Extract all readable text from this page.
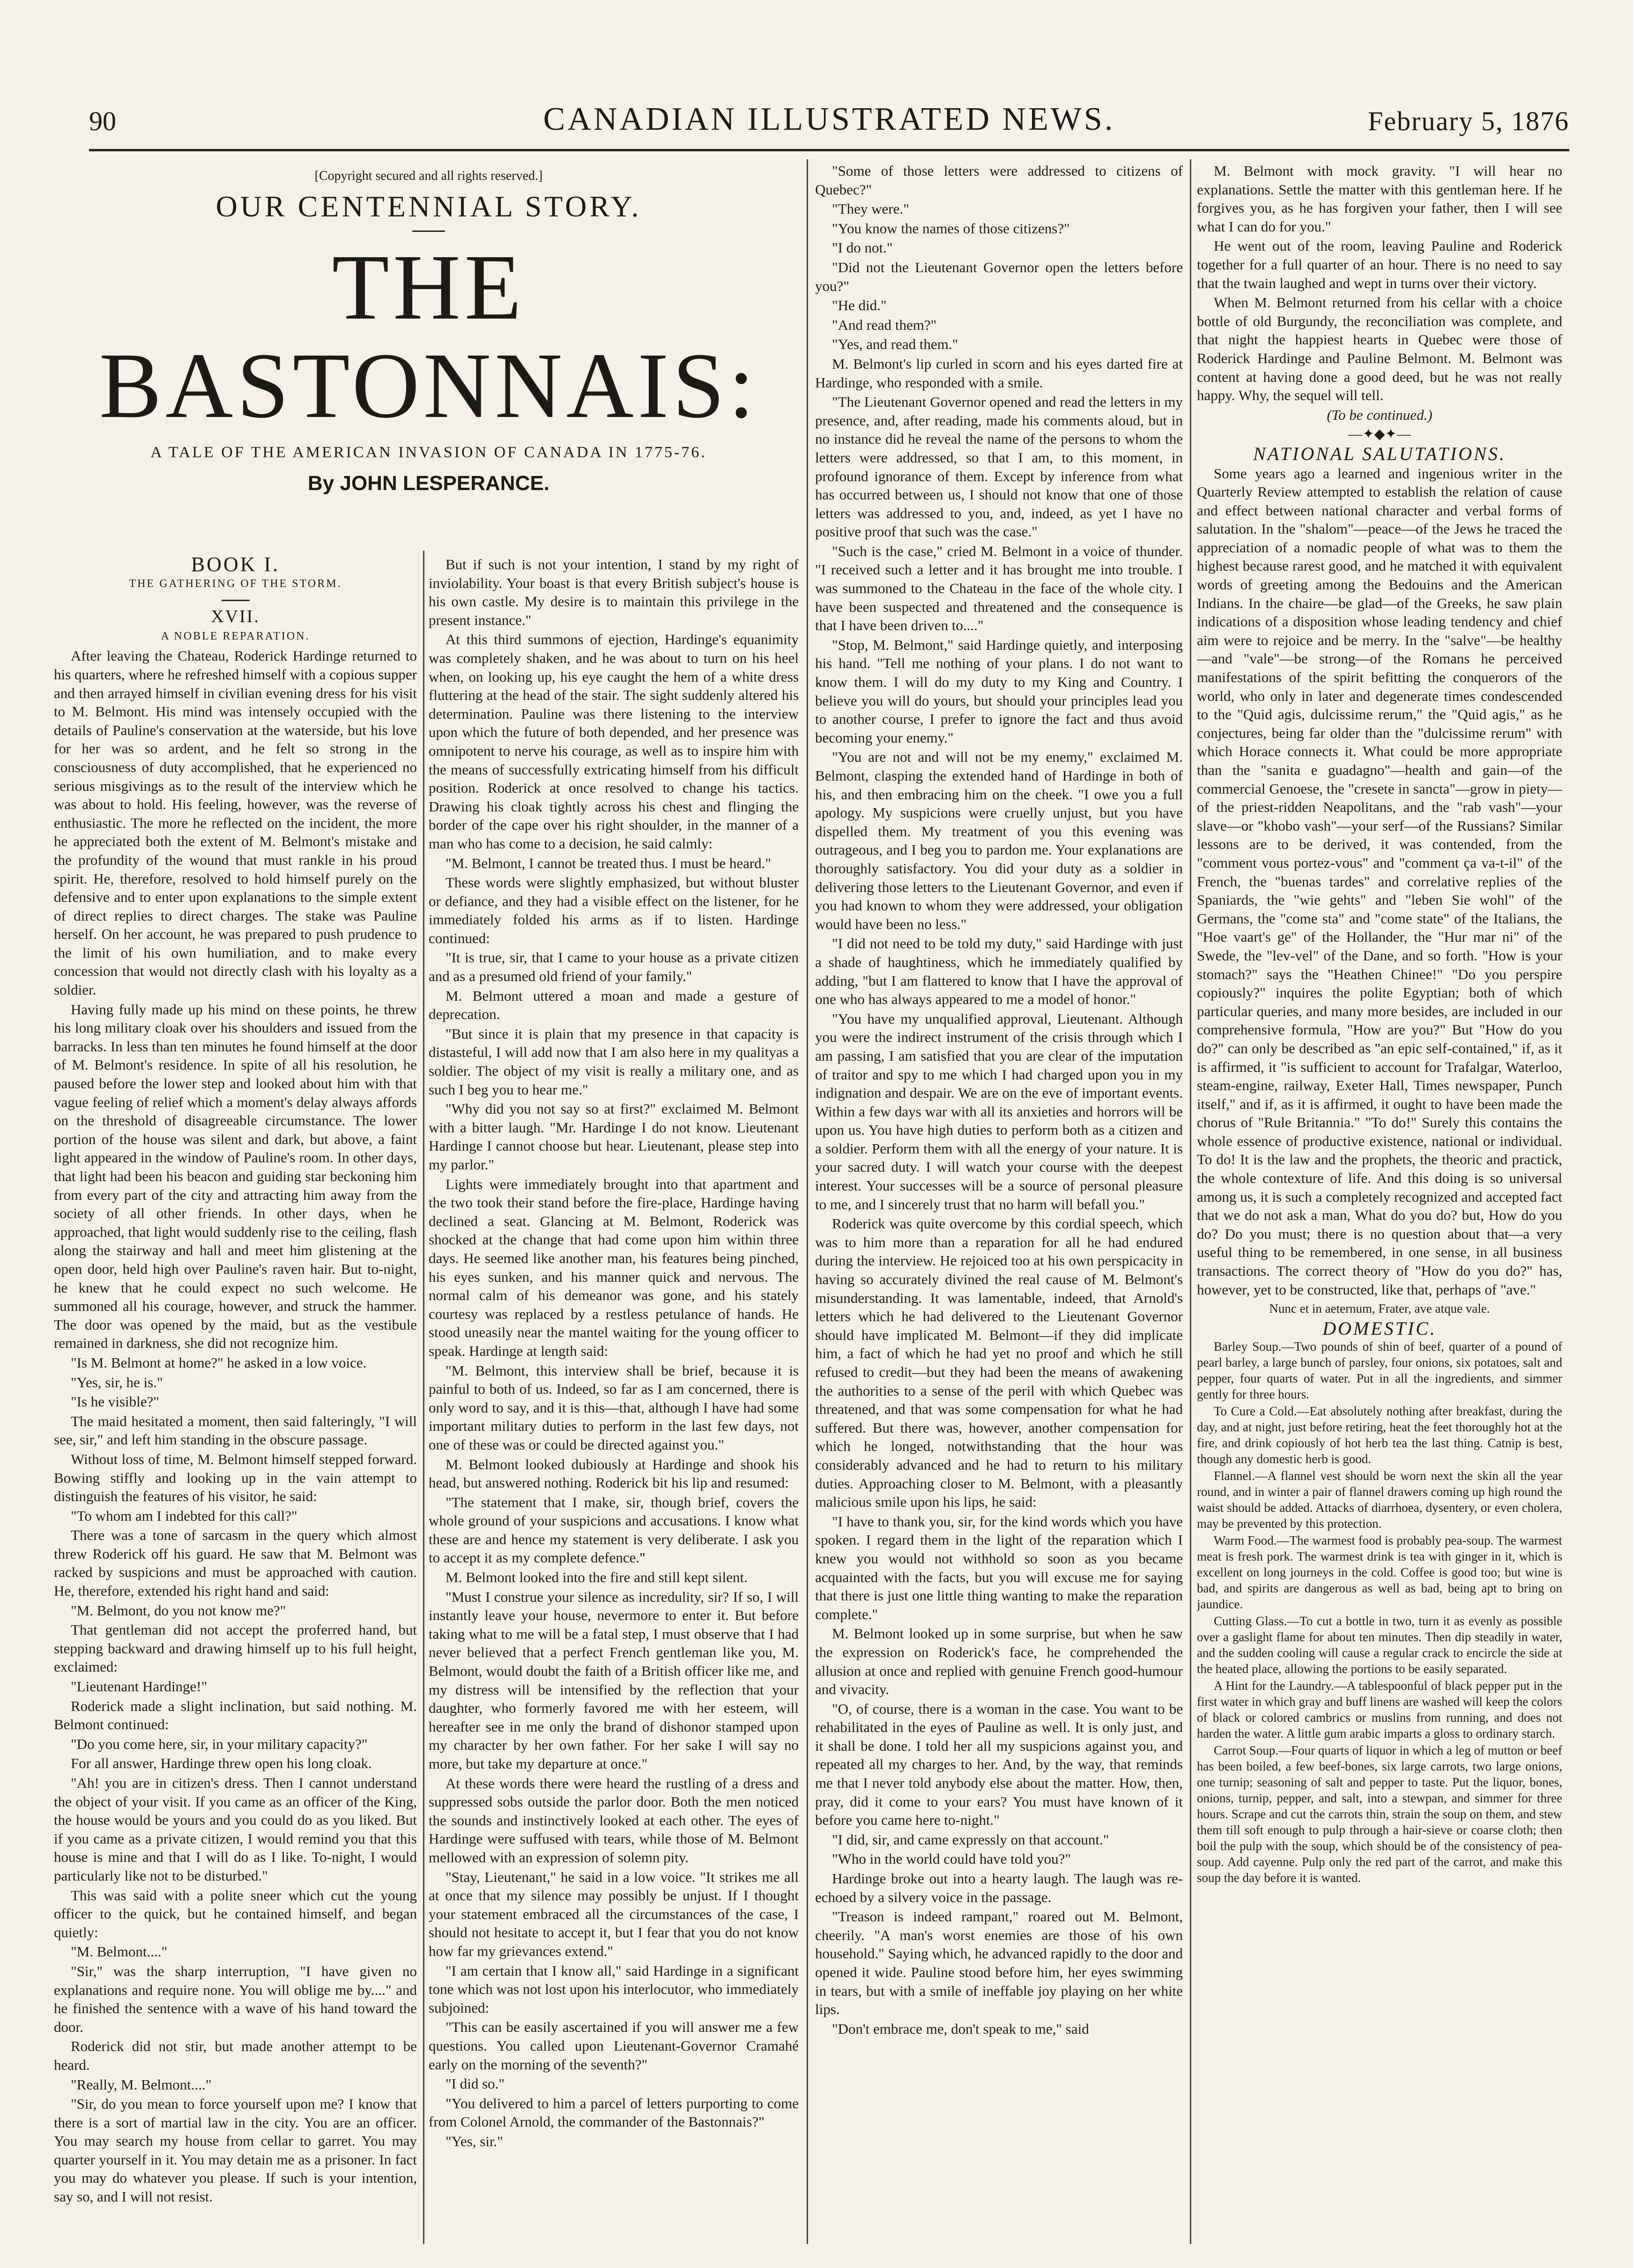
90	CANADIAN ILLUSTRATED NEWS.	February 5, 1876
[Copyright secured and all rights reserved.]
OUR CENTENNIAL STORY.
THE BASTONNAIS:
A TALE OF THE AMERICAN INVASION OF CANADA IN 1775-76.
By JOHN LESPERANCE.

BOOK I.

THE GATHERING OF THE STORM.

XVII.

A NOBLE REPARATION.

After leaving the Chateau, Roderick Hardinge returned to his quarters, where he refreshed himself with a copious supper and then arrayed himself in civilian evening dress for his visit to M. Belmont. His mind was intensely occupied with the details of Pauline's conservation at the waterside, but his love for her was so ardent, and he felt so strong in the consciousness of duty accomplished, that he experienced no serious misgivings as to the result of the interview which he was about to hold. His feeling, however, was the reverse of enthusiastic. The more he reflected on the incident, the more he appreciated both the extent of M. Belmont's mistake and the profundity of the wound that must rankle in his proud spirit. He, therefore, resolved to hold himself purely on the defensive and to enter upon explanations to the simple extent of direct replies to direct charges. The stake was Pauline herself. On her account, he was prepared to push prudence to the limit of his own humiliation, and to make every concession that would not directly clash with his loyalty as a soldier.

Having fully made up his mind on these points, he threw his long military cloak over his shoulders and issued from the barracks. In less than ten minutes he found himself at the door of M. Belmont's residence. In spite of all his resolution, he paused before the lower step and looked about him with that vague feeling of relief which a moment's delay always affords on the threshold of disagreeable circumstance. The lower portion of the house was silent and dark, but above, a faint light appeared in the window of Pauline's room. In other days, that light had been his beacon and guiding star beckoning him from every part of the city and attracting him away from the society of all other friends. In other days, when he approached, that light would suddenly rise to the ceiling, flash along the stairway and hall and meet him glistening at the open door, held high over Pauline's raven hair. But to-night, he knew that he could expect no such welcome. He summoned all his courage, however, and struck the hammer. The door was opened by the maid, but as the vestibule remained in darkness, she did not recognize him.

"Is M. Belmont at home?" he asked in a low voice.

"Yes, sir, he is."

"Is he visible?"

The maid hesitated a moment, then said falteringly, "I will see, sir," and left him standing in the obscure passage.

Without loss of time, M. Belmont himself stepped forward. Bowing stiffly and looking up in the vain attempt to distinguish the features of his visitor, he said:

"To whom am I indebted for this call?"

There was a tone of sarcasm in the query which almost threw Roderick off his guard. He saw that M. Belmont was racked by suspicions and must be approached with caution. He, therefore, extended his right hand and said:

"M. Belmont, do you not know me?"

That gentleman did not accept the proferred hand, but stepping backward and drawing himself up to his full height, exclaimed:

"Lieutenant Hardinge!"

Roderick made a slight inclination, but said nothing. M. Belmont continued:

"Do you come here, sir, in your military capacity?"

For all answer, Hardinge threw open his long cloak.

"Ah! you are in citizen's dress. Then I cannot understand the object of your visit. If you came as an officer of the King, the house would be yours and you could do as you liked. But if you came as a private citizen, I would remind you that this house is mine and that I will do as I like. To-night, I would particularly like not to be disturbed."

This was said with a polite sneer which cut the young officer to the quick, but he contained himself, and began quietly:

"M. Belmont...."

"Sir," was the sharp interruption, "I have given no explanations and require none. You will oblige me by...." and he finished the sentence with a wave of his hand toward the door.

Roderick did not stir, but made another attempt to be heard.

"Really, M. Belmont...."

"Sir, do you mean to force yourself upon me? I know that there is a sort of martial law in the city. You are an officer. You may search my house from cellar to garret. You may quarter yourself in it. You may detain me as a prisoner. In fact you may do whatever you please. If such is your intention, say so, and I will not resist.

But if such is not your intention, I stand by my right of inviolability. Your boast is that every British subject's house is his own castle. My desire is to maintain this privilege in the present instance."

At this third summons of ejection, Hardinge's equanimity was completely shaken, and he was about to turn on his heel when, on looking up, his eye caught the hem of a white dress fluttering at the head of the stair. The sight suddenly altered his determination. Pauline was there listening to the interview upon which the future of both depended, and her presence was omnipotent to nerve his courage, as well as to inspire him with the means of successfully extricating himself from his difficult position. Roderick at once resolved to change his tactics. Drawing his cloak tightly across his chest and flinging the border of the cape over his right shoulder, in the manner of a man who has come to a decision, he said calmly:

"M. Belmont, I cannot be treated thus. I must be heard."

These words were slightly emphasized, but without bluster or defiance, and they had a visible effect on the listener, for he immediately folded his arms as if to listen. Hardinge continued:

"It is true, sir, that I came to your house as a private citizen and as a presumed old friend of your family."

M. Belmont uttered a moan and made a gesture of deprecation.

"But since it is plain that my presence in that capacity is distasteful, I will add now that I am also here in my qualityas a soldier. The object of my visit is really a military one, and as such I beg you to hear me."

"Why did you not say so at first?" exclaimed M. Belmont with a bitter laugh. "Mr. Hardinge I do not know. Lieutenant Hardinge I cannot choose but hear. Lieutenant, please step into my parlor."

Lights were immediately brought into that apartment and the two took their stand before the fire-place, Hardinge having declined a seat. Glancing at M. Belmont, Roderick was shocked at the change that had come upon him within three days. He seemed like another man, his features being pinched, his eyes sunken, and his manner quick and nervous. The normal calm of his demeanor was gone, and his stately courtesy was replaced by a restless petulance of hands. He stood uneasily near the mantel waiting for the young officer to speak. Hardinge at length said:

"M. Belmont, this interview shall be brief, because it is painful to both of us. Indeed, so far as I am concerned, there is only word to say, and it is this—that, although I have had some important military duties to perform in the last few days, not one of these was or could be directed against you."

M. Belmont looked dubiously at Hardinge and shook his head, but answered nothing. Roderick bit his lip and resumed:

"The statement that I make, sir, though brief, covers the whole ground of your suspicions and accusations. I know what these are and hence my statement is very deliberate. I ask you to accept it as my complete defence."

M. Belmont looked into the fire and still kept silent.

"Must I construe your silence as incredulity, sir? If so, I will instantly leave your house, nevermore to enter it. But before taking what to me will be a fatal step, I must observe that I had never believed that a perfect French gentleman like you, M. Belmont, would doubt the faith of a British officer like me, and my distress will be intensified by the reflection that your daughter, who formerly favored me with her esteem, will hereafter see in me only the brand of dishonor stamped upon my character by her own father. For her sake I will say no more, but take my departure at once."

At these words there were heard the rustling of a dress and suppressed sobs outside the parlor door. Both the men noticed the sounds and instinctively looked at each other. The eyes of Hardinge were suffused with tears, while those of M. Belmont mellowed with an expression of solemn pity.

"Stay, Lieutenant," he said in a low voice. "It strikes me all at once that my silence may possibly be unjust. If I thought your statement embraced all the circumstances of the case, I should not hesitate to accept it, but I fear that you do not know how far my grievances extend."

"I am certain that I know all," said Hardinge in a significant tone which was not lost upon his interlocutor, who immediately subjoined:

"This can be easily ascertained if you will answer me a few questions. You called upon Lieutenant-Governor Cramahé early on the morning of the seventh?"

"I did so."

"You delivered to him a parcel of letters purporting to come from Colonel Arnold, the commander of the Bastonnais?"

"Yes, sir."

"Some of those letters were addressed to citizens of Quebec?"

"They were."

"You know the names of those citizens?"

"I do not."

"Did not the Lieutenant Governor open the letters before you?"

"He did."

"And read them?"

"Yes, and read them."

M. Belmont's lip curled in scorn and his eyes darted fire at Hardinge, who responded with a smile.

"The Lieutenant Governor opened and read the letters in my presence, and, after reading, made his comments aloud, but in no instance did he reveal the name of the persons to whom the letters were addressed, so that I am, to this moment, in profound ignorance of them. Except by inference from what has occurred between us, I should not know that one of those letters was addressed to you, and, indeed, as yet I have no positive proof that such was the case."

"Such is the case," cried M. Belmont in a voice of thunder. "I received such a letter and it has brought me into trouble. I was summoned to the Chateau in the face of the whole city. I have been suspected and threatened and the consequence is that I have been driven to...."

"Stop, M. Belmont," said Hardinge quietly, and interposing his hand. "Tell me nothing of your plans. I do not want to know them. I will do my duty to my King and Country. I believe you will do yours, but should your principles lead you to another course, I prefer to ignore the fact and thus avoid becoming your enemy."

"You are not and will not be my enemy," exclaimed M. Belmont, clasping the extended hand of Hardinge in both of his, and then embracing him on the cheek. "I owe you a full apology. My suspicions were cruelly unjust, but you have dispelled them. My treatment of you this evening was outrageous, and I beg you to pardon me. Your explanations are thoroughly satisfactory. You did your duty as a soldier in delivering those letters to the Lieutenant Governor, and even if you had known to whom they were addressed, your obligation would have been no less."

"I did not need to be told my duty," said Hardinge with just a shade of haughtiness, which he immediately qualified by adding, "but I am flattered to know that I have the approval of one who has always appeared to me a model of honor."

"You have my unqualified approval, Lieutenant. Although you were the indirect instrument of the crisis through which I am passing, I am satisfied that you are clear of the imputation of traitor and spy to me which I had charged upon you in my indignation and despair. We are on the eve of important events. Within a few days war with all its anxieties and horrors will be upon us. You have high duties to perform both as a citizen and a soldier. Perform them with all the energy of your nature. It is your sacred duty. I will watch your course with the deepest interest. Your successes will be a source of personal pleasure to me, and I sincerely trust that no harm will befall you."

Roderick was quite overcome by this cordial speech, which was to him more than a reparation for all he had endured during the interview. He rejoiced too at his own perspicacity in having so accurately divined the real cause of M. Belmont's misunderstanding. It was lamentable, indeed, that Arnold's letters which he had delivered to the Lieutenant Governor should have implicated M. Belmont—if they did implicate him, a fact of which he had yet no proof and which he still refused to credit—but they had been the means of awakening the authorities to a sense of the peril with which Quebec was threatened, and that was some compensation for what he had suffered. But there was, however, another compensation for which he longed, notwithstanding that the hour was considerably advanced and he had to return to his military duties. Approaching closer to M. Belmont, with a pleasantly malicious smile upon his lips, he said:

"I have to thank you, sir, for the kind words which you have spoken. I regard them in the light of the reparation which I knew you would not withhold so soon as you became acquainted with the facts, but you will excuse me for saying that there is just one little thing wanting to make the reparation complete."

M. Belmont looked up in some surprise, but when he saw the expression on Roderick's face, he comprehended the allusion at once and replied with genuine French good-humour and vivacity.

"O, of course, there is a woman in the case. You want to be rehabilitated in the eyes of Pauline as well. It is only just, and it shall be done. I told her all my suspicions against you, and repeated all my charges to her. And, by the way, that reminds me that I never told anybody else about the matter. How, then, pray, did it come to your ears? You must have known of it before you came here to-night."

"I did, sir, and came expressly on that account."

"Who in the world could have told you?"

Hardinge broke out into a hearty laugh. The laugh was re-echoed by a silvery voice in the passage.

"Treason is indeed rampant," roared out M. Belmont, cheerily. "A man's worst enemies are those of his own household." Saying which, he advanced rapidly to the door and opened it wide. Pauline stood before him, her eyes swimming in tears, but with a smile of ineffable joy playing on her white lips.

"Don't embrace me, don't speak to me," said

M. Belmont with mock gravity. "I will hear no explanations. Settle the matter with this gentleman here. If he forgives you, as he has forgiven your father, then I will see what I can do for you."

He went out of the room, leaving Pauline and Roderick together for a full quarter of an hour. There is no need to say that the twain laughed and wept in turns over their victory.

When M. Belmont returned from his cellar with a choice bottle of old Burgundy, the reconciliation was complete, and that night the happiest hearts in Quebec were those of Roderick Hardinge and Pauline Belmont. M. Belmont was content at having done a good deed, but he was not really happy. Why, the sequel will tell.

(To be continued.)

—✦◆✦—

NATIONAL SALUTATIONS.

Some years ago a learned and ingenious writer in the Quarterly Review attempted to establish the relation of cause and effect between national character and verbal forms of salutation. In the "shalom"—peace—of the Jews he traced the appreciation of a nomadic people of what was to them the highest because rarest good, and he matched it with equivalent words of greeting among the Bedouins and the American Indians. In the chaire—be glad—of the Greeks, he saw plain indications of a disposition whose leading tendency and chief aim were to rejoice and be merry. In the "salve"—be healthy—and "vale"—be strong—of the Romans he perceived manifestations of the spirit befitting the conquerors of the world, who only in later and degenerate times condescended to the "Quid agis, dulcissime rerum," the "Quid agis," as he conjectures, being far older than the "dulcissime rerum" with which Horace connects it. What could be more appropriate than the "sanita e guadagno"—health and gain—of the commercial Genoese, the "cresete in sancta"—grow in piety—of the priest-ridden Neapolitans, and the "rab vash"—your slave—or "khobo vash"—your serf—of the Russians? Similar lessons are to be derived, it was contended, from the "comment vous portez-vous" and "comment ça va-t-il" of the French, the "buenas tardes" and correlative replies of the Spaniards, the "wie gehts" and "leben Sie wohl" of the Germans, the "come sta" and "come state" of the Italians, the "Hoe vaart's ge" of the Hollander, the "Hur mar ni" of the Swede, the "lev-vel" of the Dane, and so forth. "How is your stomach?" says the "Heathen Chinee!" "Do you perspire copiously?" inquires the polite Egyptian; both of which particular queries, and many more besides, are included in our comprehensive formula, "How are you?" But "How do you do?" can only be described as "an epic self-contained," if, as it is affirmed, it "is sufficient to account for Trafalgar, Waterloo, steam-engine, railway, Exeter Hall, Times newspaper, Punch itself," and if, as it is affirmed, it ought to have been made the chorus of "Rule Britannia." "To do!" Surely this contains the whole essence of productive existence, national or individual. To do! It is the law and the prophets, the theoric and practick, the whole contexture of life. And this doing is so universal among us, it is such a completely recognized and accepted fact that we do not ask a man, What do you do? but, How do you do? Do you must; there is no question about that—a very useful thing to be remembered, in one sense, in all business transactions. The correct theory of "How do you do?" has, however, yet to be constructed, like that, perhaps of "ave."

Nunc et in aeternum, Frater, ave atque vale.

DOMESTIC.

Barley Soup.—Two pounds of shin of beef, quarter of a pound of pearl barley, a large bunch of parsley, four onions, six potatoes, salt and pepper, four quarts of water. Put in all the ingredients, and simmer gently for three hours.

To Cure a Cold.—Eat absolutely nothing after breakfast, during the day, and at night, just before retiring, heat the feet thoroughly hot at the fire, and drink copiously of hot herb tea the last thing. Catnip is best, though any domestic herb is good.

Flannel.—A flannel vest should be worn next the skin all the year round, and in winter a pair of flannel drawers coming up high round the waist should be added. Attacks of diarrhoea, dysentery, or even cholera, may be prevented by this protection.

Warm Food.—The warmest food is probably pea-soup. The warmest meat is fresh pork. The warmest drink is tea with ginger in it, which is excellent on long journeys in the cold. Coffee is good too; but wine is bad, and spirits are dangerous as well as bad, being apt to bring on jaundice.

Cutting Glass.—To cut a bottle in two, turn it as evenly as possible over a gaslight flame for about ten minutes. Then dip steadily in water, and the sudden cooling will cause a regular crack to encircle the side at the heated place, allowing the portions to be easily separated.

A Hint for the Laundry.—A tablespoonful of black pepper put in the first water in which gray and buff linens are washed will keep the colors of black or colored cambrics or muslins from running, and does not harden the water. A little gum arabic imparts a gloss to ordinary starch.

Carrot Soup.—Four quarts of liquor in which a leg of mutton or beef has been boiled, a few beef-bones, six large carrots, two large onions, one turnip; seasoning of salt and pepper to taste. Put the liquor, bones, onions, turnip, pepper, and salt, into a stewpan, and simmer for three hours. Scrape and cut the carrots thin, strain the soup on them, and stew them till soft enough to pulp through a hair-sieve or coarse cloth; then boil the pulp with the soup, which should be of the consistency of pea-soup. Add cayenne. Pulp only the red part of the carrot, and make this soup the day before it is wanted.
